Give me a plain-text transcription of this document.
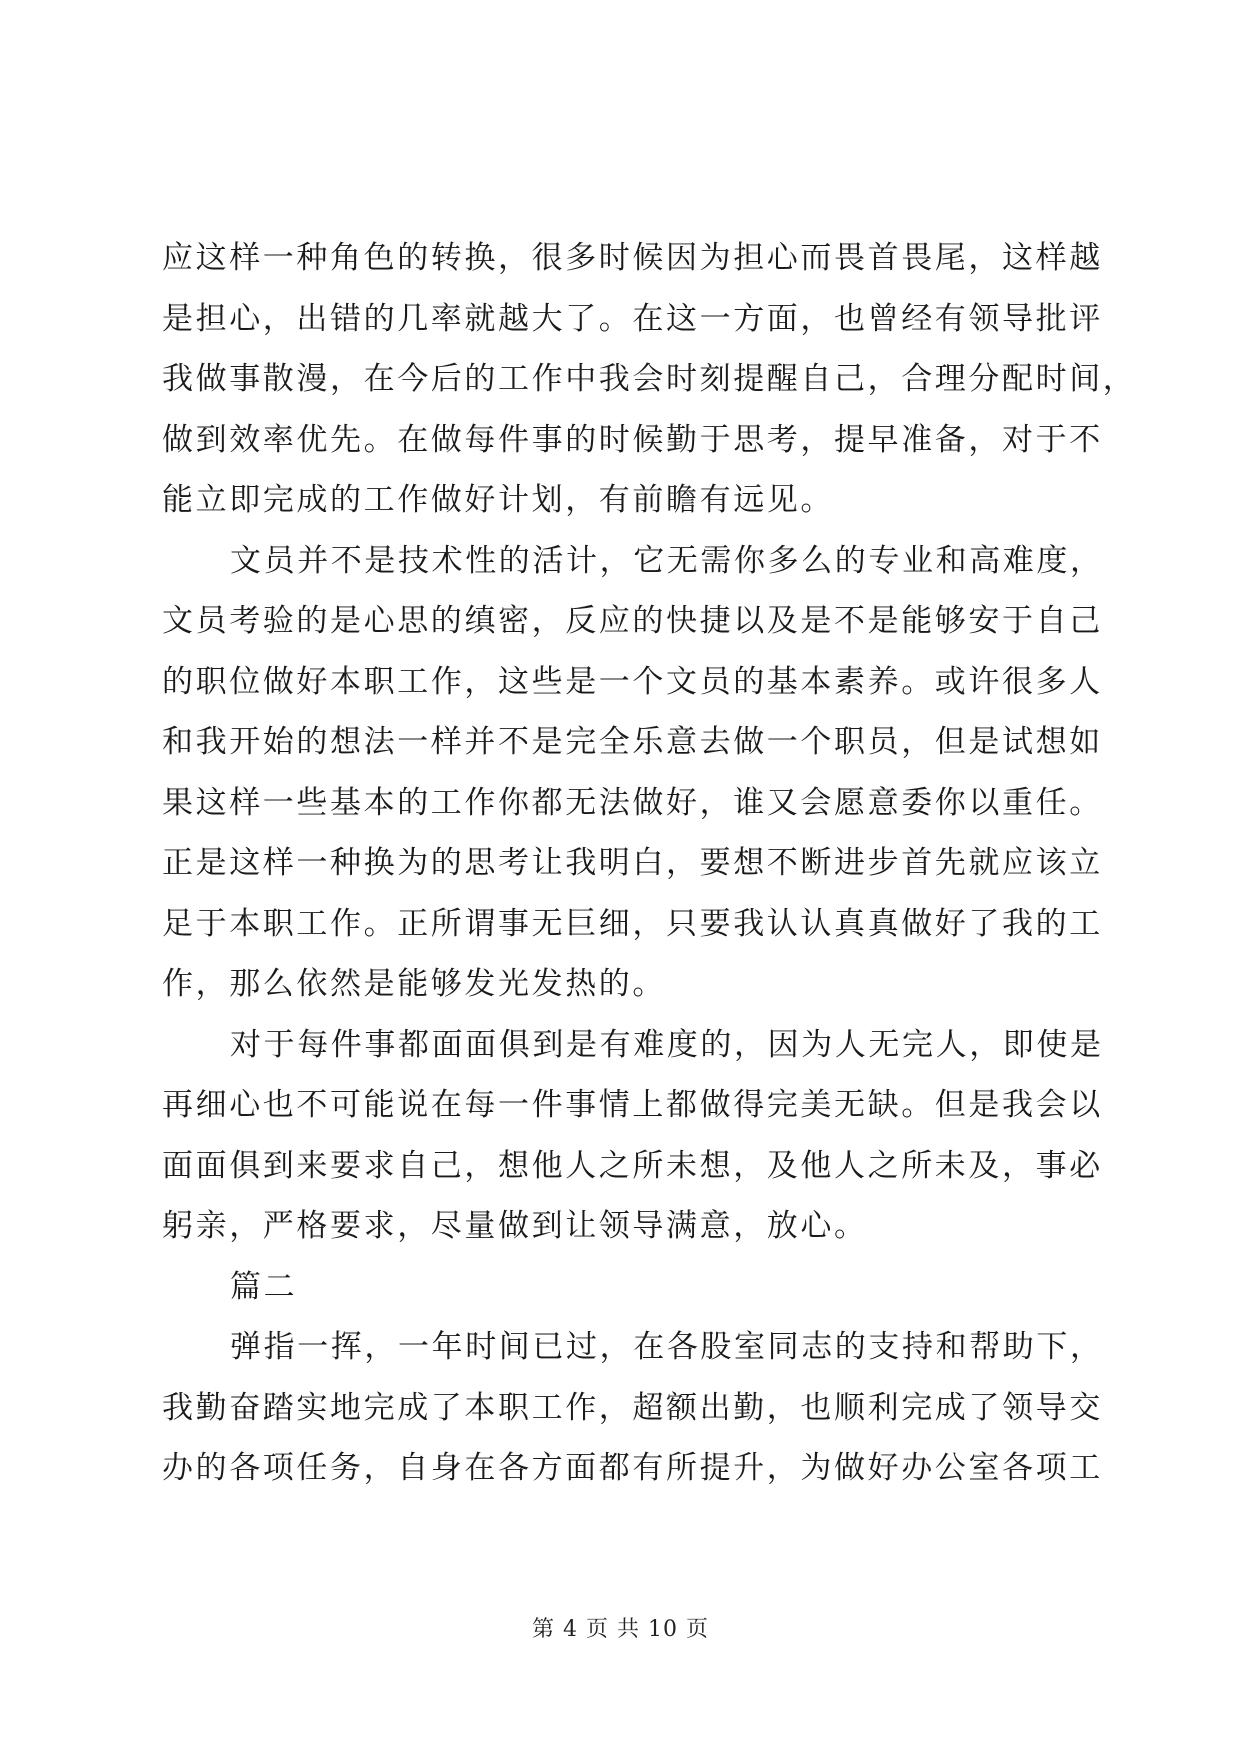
应这样一种角色的转换，很多时候因为担心而畏首畏尾，这样越
是担心，出错的几率就越大了。在这一方面，也曾经有领导批评
我做事散漫，在今后的工作中我会时刻提醒自己，合理分配时间，
做到效率优先。在做每件事的时候勤于思考，提早准备，对于不
能立即完成的工作做好计划，有前瞻有远见。
文员并不是技术性的活计，它无需你多么的专业和高难度，
文员考验的是心思的缜密，反应的快捷以及是不是能够安于自己
的职位做好本职工作，这些是一个文员的基本素养。或许很多人
和我开始的想法一样并不是完全乐意去做一个职员，但是试想如
果这样一些基本的工作你都无法做好，谁又会愿意委你以重任。
正是这样一种换为的思考让我明白，要想不断进步首先就应该立
足于本职工作。正所谓事无巨细，只要我认认真真做好了我的工
作，那么依然是能够发光发热的。
对于每件事都面面俱到是有难度的，因为人无完人，即使是
再细心也不可能说在每一件事情上都做得完美无缺。但是我会以
面面俱到来要求自己，想他人之所未想，及他人之所未及，事必
躬亲，严格要求，尽量做到让领导满意，放心。
篇二
弹指一挥，一年时间已过，在各股室同志的支持和帮助下，
我勤奋踏实地完成了本职工作，超额出勤，也顺利完成了领导交
办的各项任务，自身在各方面都有所提升，为做好办公室各项工
第 4 页 共 10 页
